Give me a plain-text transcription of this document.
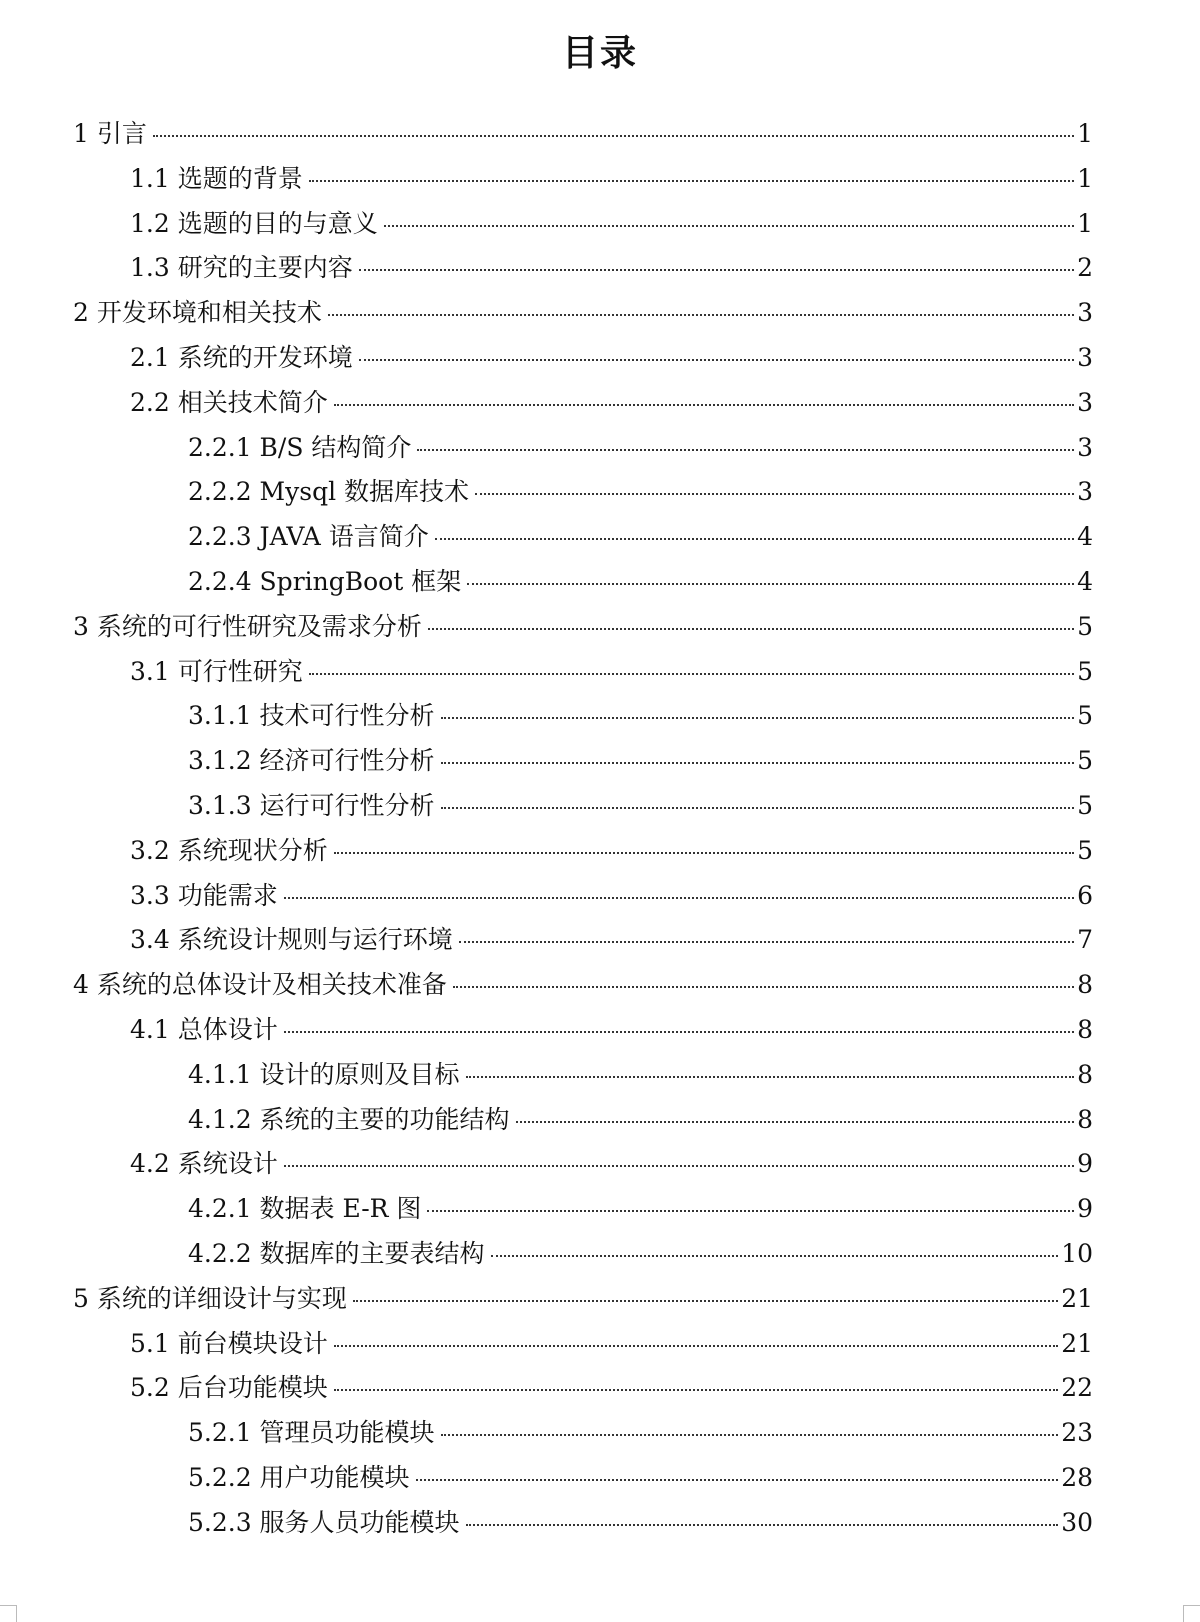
目录
1 引言	1
1.1 选题的背景	1
1.2 选题的目的与意义	1
1.3 研究的主要内容	2
2 开发环境和相关技术	3
2.1 系统的开发环境	3
2.2 相关技术简介	3
2.2.1 B/S 结构简介	3
2.2.2 Mysql 数据库技术	3
2.2.3 JAVA 语言简介	4
2.2.4 SpringBoot 框架	4
3 系统的可行性研究及需求分析	5
3.1 可行性研究	5
3.1.1 技术可行性分析	5
3.1.2 经济可行性分析	5
3.1.3 运行可行性分析	5
3.2 系统现状分析	5
3.3 功能需求	6
3.4 系统设计规则与运行环境	7
4 系统的总体设计及相关技术准备	8
4.1 总体设计	8
4.1.1 设计的原则及目标	8
4.1.2 系统的主要的功能结构	8
4.2 系统设计	9
4.2.1 数据表 E-R 图	9
4.2.2 数据库的主要表结构	10
5 系统的详细设计与实现	21
5.1 前台模块设计	21
5.2 后台功能模块	22
5.2.1 管理员功能模块	23
5.2.2 用户功能模块	28
5.2.3 服务人员功能模块	30
